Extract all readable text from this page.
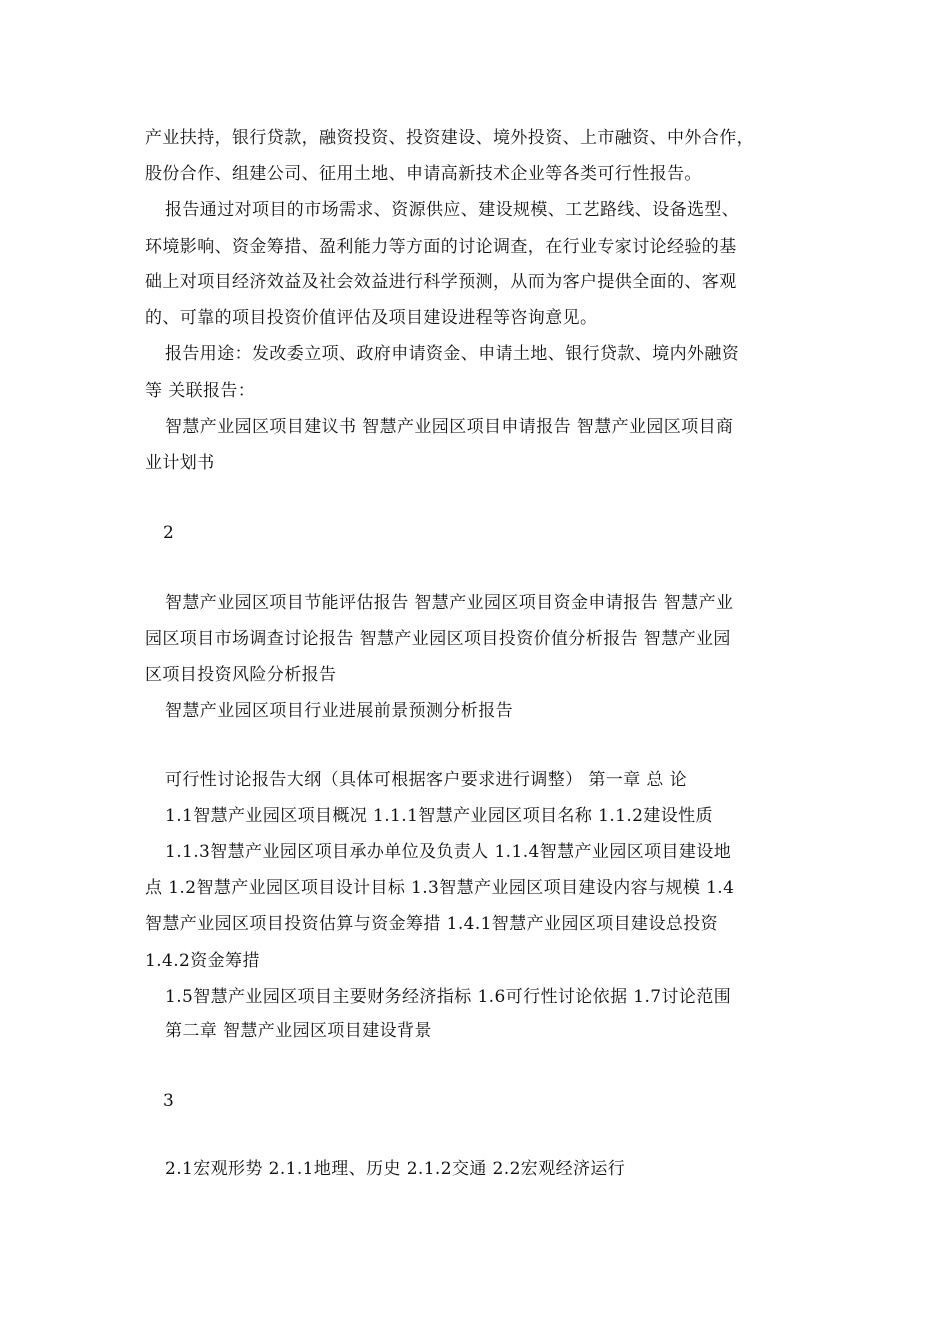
产业扶持，银行贷款，融资投资、投资建设、境外投资、上市融资、中外合作，
股份合作、组建公司、征用土地、申请高新技术企业等各类可行性报告。
报告通过对项目的市场需求、资源供应、建设规模、工艺路线、设备选型、
环境影响、资金筹措、盈利能力等方面的讨论调查，在行业专家讨论经验的基
础上对项目经济效益及社会效益进行科学预测，从而为客户提供全面的、客观
的、可靠的项目投资价值评估及项目建设进程等咨询意见。
报告用途：发改委立项、政府申请资金、申请土地、银行贷款、境内外融资
等 关联报告：
智慧产业园区项目建议书 智慧产业园区项目申请报告 智慧产业园区项目商
业计划书
2
智慧产业园区项目节能评估报告 智慧产业园区项目资金申请报告 智慧产业
园区项目市场调查讨论报告 智慧产业园区项目投资价值分析报告 智慧产业园
区项目投资风险分析报告
智慧产业园区项目行业进展前景预测分析报告
可行性讨论报告大纲（具体可根据客户要求进行调整） 第一章 总 论
1.1智慧产业园区项目概况 1.1.1智慧产业园区项目名称 1.1.2建设性质
1.1.3智慧产业园区项目承办单位及负责人 1.1.4智慧产业园区项目建设地
点 1.2智慧产业园区项目设计目标 1.3智慧产业园区项目建设内容与规模 1.4
智慧产业园区项目投资估算与资金筹措 1.4.1智慧产业园区项目建设总投资
1.4.2资金筹措
1.5智慧产业园区项目主要财务经济指标 1.6可行性讨论依据 1.7讨论范围
第二章 智慧产业园区项目建设背景
3
2.1宏观形势 2.1.1地理、历史 2.1.2交通 2.2宏观经济运行
